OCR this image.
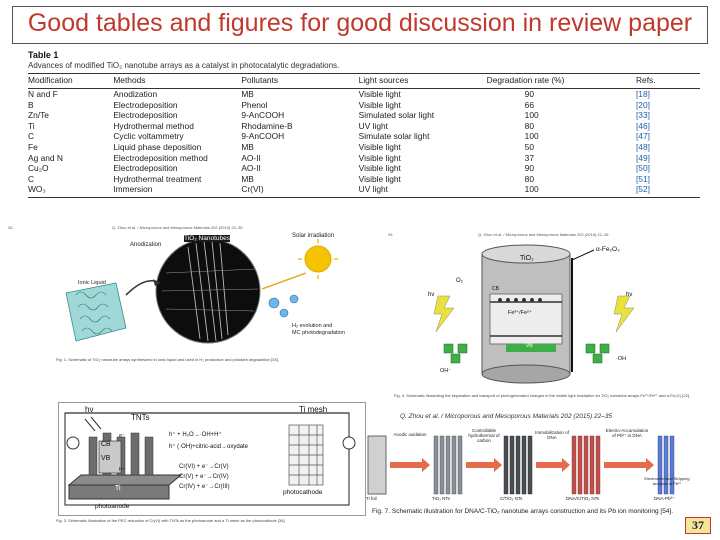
Good tables and figures for good discussion in review paper
Table 1
Advances of modified TiO₂ nanotube arrays as a catalyst in photocatalytic degradations.
Modification	Methods	Pollutants	Light sources	Degradation rate (%)	Refs.
N and F	Anodization	MB	Visible light	90	[18]
B	Electrodeposition	Phenol	Visible light	66	[20]
Zn/Te	Electrodeposition	9-AnCOOH	Simulated solar light	100	[33]
Ti	Hydrothermal method	Rhodamine-B	UV light	80	[46]
C	Cyclic voltammetry	9-AnCOOH	Simulate solar light	100	[47]
Fe	Liquid phase deposition	MB	Visible light	50	[48]
Ag and N	Electrodeposition method	AO-II	Visible light	37	[49]
Cu₂O	Electrodeposition	AO-II	Visible light	90	[50]
C	Hydrothermal treatment	MB	Visible light	80	[51]
WO₃	Immersion	Cr(VI)	UV light	100	[52]
26	Q. Zhou et al. / Microporous and Mesoporous Materials 202 (2015) 22–35
TiO₂ Nanotubes
Anodization
Ionic Liquid
Solar irradiation
H₂ evolution and
MC photodegradation
Fig. 1. Schematic of TiO₂ nanotube arrays synthesized in ionic liquid and used in H₂ production and pollutant degradation [33].
26	Q. Zhou et al. / Microporous and Mesoporous Materials 202 (2015) 22–35
TiO₂
α-Fe₂O₃
O₂
hν	hν
Fe³⁺/Fe²⁺
CB
VB
OH⁻
·OH
Fig. 4. Schematic illustrating the separation and transport of photogenerated charges in the visible light irradiation for TiO₂ nanotube arrays-Fe³⁺/Fe²⁺ and α-Fe₂O₃ [22].
hν
TNTs
Ti mesh
CB
VB
Ti
photoanode
photocathode
h⁺ + H₂O→·OH+H⁺
h⁺ (·OH)+citric-acid→oxydate
Cr(VI) + e⁻→Cr(V)
Cr(V) + e⁻→Cr(IV)
Cr(IV) + e⁻→Cr(III)
e⁻
h⁺
Fig. 3. Schematic illustration of the PEC reduction of Cr(VI) with TNTs as the photoanode and a Ti mesh as the photocathode [34].
Q. Zhou et al. / Microporous and Mesoporous Materials 202 (2015) 22–35
Anodic oxidation
Controllable hydrothermal of carbon
Immobilization of DNA
Electro-Accumulation of Pb²⁺ in DNA
Electrochemical Stripping Analysis of Pb²⁺
Ti foil	TiO₂ NTs	C/TiO₂ NTs	DNA/C/TiO₂ NTs	DNA-Pb²⁺
Fig. 7. Schematic illustration for DNA/C-TiO₂ nanotube arrays construction and its Pb ion monitoring [54].
37
